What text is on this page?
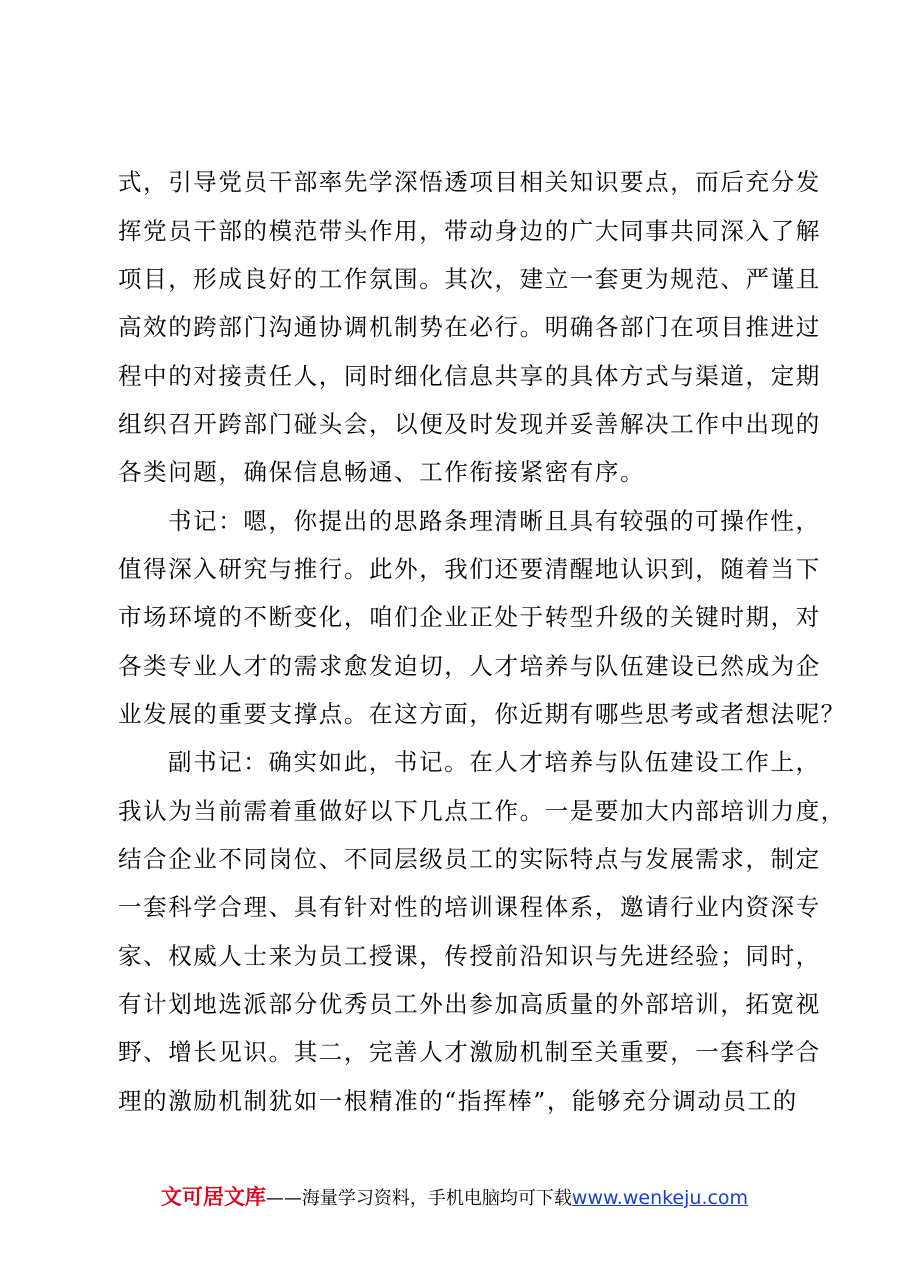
式，引导党员干部率先学深悟透项目相关知识要点，而后充分发
挥党员干部的模范带头作用，带动身边的广大同事共同深入了解
项目，形成良好的工作氛围。其次，建立一套更为规范、严谨且
高效的跨部门沟通协调机制势在必行。明确各部门在项目推进过
程中的对接责任人，同时细化信息共享的具体方式与渠道，定期
组织召开跨部门碰头会，以便及时发现并妥善解决工作中出现的
各类问题，确保信息畅通、工作衔接紧密有序。
书记：嗯，你提出的思路条理清晰且具有较强的可操作性，
值得深入研究与推行。此外，我们还要清醒地认识到，随着当下
市场环境的不断变化，咱们企业正处于转型升级的关键时期，对
各类专业人才的需求愈发迫切，人才培养与队伍建设已然成为企
业发展的重要支撑点。在这方面，你近期有哪些思考或者想法呢？
副书记：确实如此，书记。在人才培养与队伍建设工作上，
我认为当前需着重做好以下几点工作。一是要加大内部培训力度，
结合企业不同岗位、不同层级员工的实际特点与发展需求，制定
一套科学合理、具有针对性的培训课程体系，邀请行业内资深专
家、权威人士来为员工授课，传授前沿知识与先进经验；同时，
有计划地选派部分优秀员工外出参加高质量的外部培训，拓宽视
野、增长见识。其二，完善人才激励机制至关重要，一套科学合
理的激励机制犹如一根精准的“指挥棒”，能够充分调动员工的
文可居文库——海量学习资料，手机电脑均可下载www.wenkeju.com
